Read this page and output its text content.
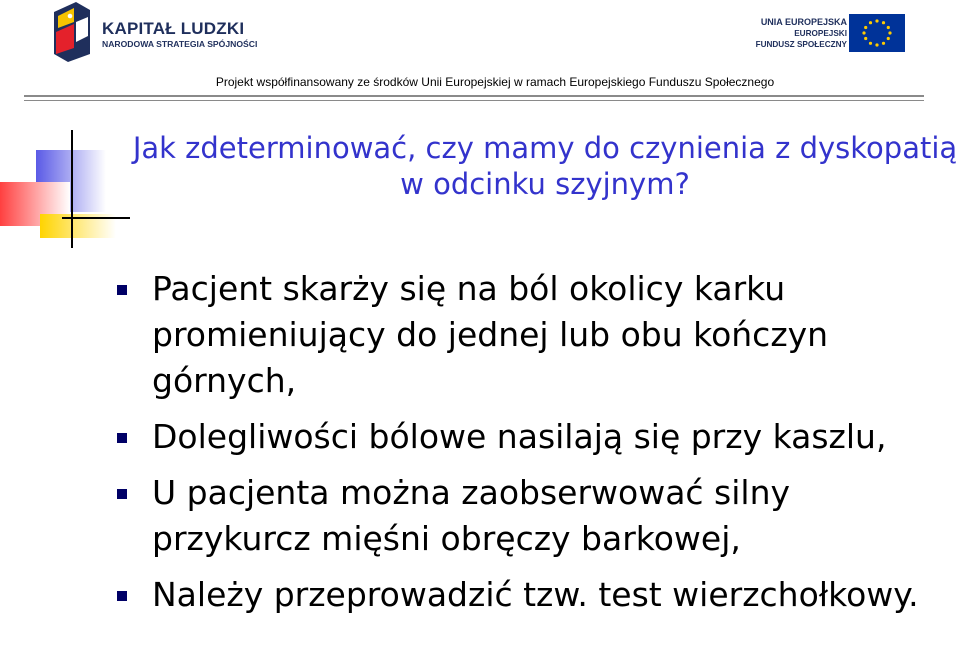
KAPITAŁ LUDZKI
NARODOWA STRATEGIA SPÓJNOŚCI
UNIA EUROPEJSKA
EUROPEJSKI
FUNDUSZ SPOŁECZNY
Projekt współfinansowany ze środków Unii Europejskiej w ramach Europejskiego Funduszu Społecznego
Jak zdeterminować, czy mamy do czynienia z dyskopatią
w odcinku szyjnym?
Pacjent skarży się na ból okolicy karku promieniujący do jednej lub obu kończyn górnych,
Dolegliwości bólowe nasilają się przy kaszlu,
U pacjenta można zaobserwować silny przykurcz mięśni obręczy barkowej,
Należy przeprowadzić tzw. test wierzchołkowy.
